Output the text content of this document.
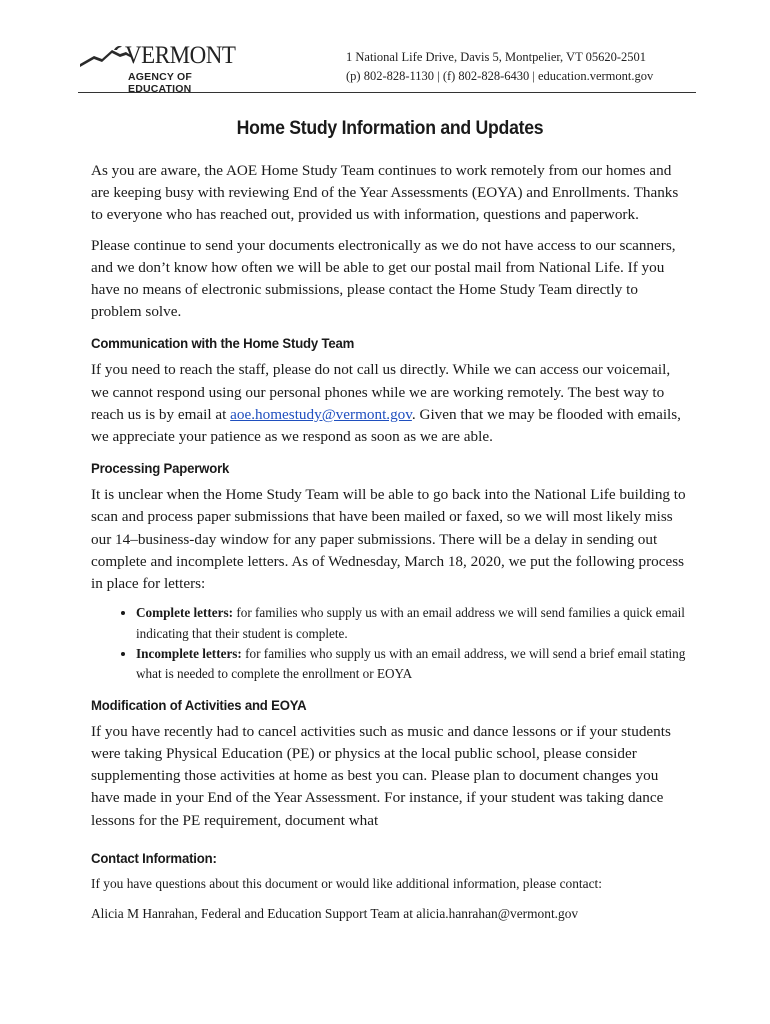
VERMONT
AGENCY OF EDUCATION
1 National Life Drive, Davis 5, Montpelier, VT 05620-2501
(p) 802-828-1130 | (f) 802-828-6430 | education.vermont.gov
Home Study Information and Updates

As you are aware, the AOE Home Study Team continues to work remotely from our homes and are keeping busy with reviewing End of the Year Assessments (EOYA) and Enrollments. Thanks to everyone who has reached out, provided us with information, questions and paperwork.

Please continue to send your documents electronically as we do not have access to our scanners, and we don’t know how often we will be able to get our postal mail from National Life. If you have no means of electronic submissions, please contact the Home Study Team directly to problem solve.

Communication with the Home Study Team

If you need to reach the staff, please do not call us directly. While we can access our voicemail, we cannot respond using our personal phones while we are working remotely. The best way to reach us is by email at aoe.homestudy@vermont.gov. Given that we may be flooded with emails, we appreciate your patience as we respond as soon as we are able.

Processing Paperwork

It is unclear when the Home Study Team will be able to go back into the National Life building to scan and process paper submissions that have been mailed or faxed, so we will most likely miss our 14–business-day window for any paper submissions. There will be a delay in sending out complete and incomplete letters. As of Wednesday, March 18, 2020, we put the following process in place for letters:

• Complete letters: for families who supply us with an email address we will send families a quick email indicating that their student is complete.
• Incomplete letters: for families who supply us with an email address, we will send a brief email stating what is needed to complete the enrollment or EOYA
Modification of Activities and EOYA

If you have recently had to cancel activities such as music and dance lessons or if your students were taking Physical Education (PE) or physics at the local public school, please consider supplementing those activities at home as best you can. Please plan to document changes you have made in your End of the Year Assessment. For instance, if your student was taking dance lessons for the PE requirement, document what

Contact Information:

If you have questions about this document or would like additional information, please contact:

Alicia M Hanrahan, Federal and Education Support Team at alicia.hanrahan@vermont.gov
